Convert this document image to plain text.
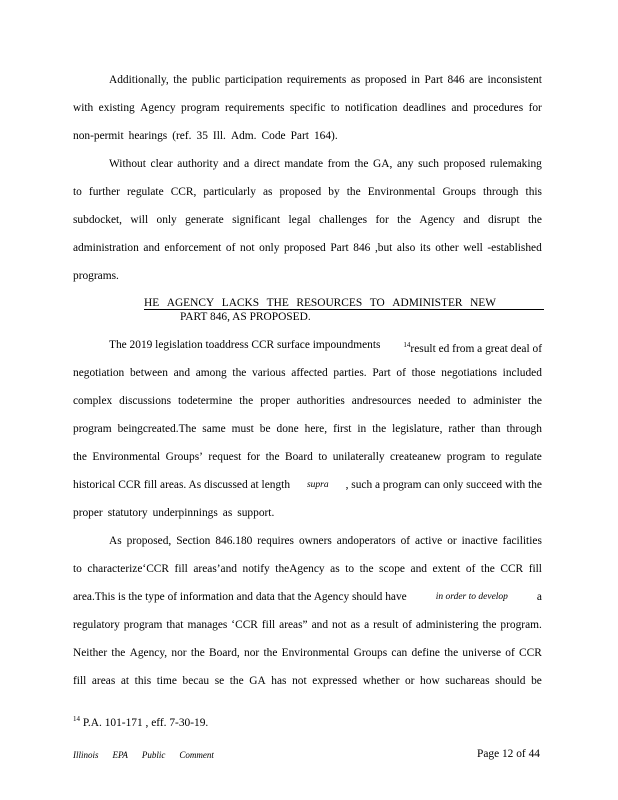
Additionally, the public participation requirements as proposed in Part 846 are inconsistent
with existing Agency program requirements specific to notification deadlines and procedures for
non-permit hearings (ref. 35 Ill. Adm. Code Part 164).
Without clear authority and a direct mandate from the GA, any such proposed rulemaking
to further regulate CCR, particularly as proposed by the Environmental Groups through this
subdocket, will only generate significant legal challenges for the Agency and disrupt the
administration and enforcement of not only proposed Part 846 ,but also its other well -established
programs.
HE AGENCY LACKS THE RESOURCES TO ADMINISTER NEW
PART 846, AS PROPOSED.
The 2019 legislation toaddress CCR surface impoundments	$^{14}$result ed from a great deal of
negotiation between and among the various affected parties. Part of those negotiations included
complex discussions todetermine the proper authorities andresources needed to administer the
program beingcreated.The same must be done here, first in the legislature, rather than through
the Environmental Groups’ request for the Board to unilaterally createanew program to regulate
historical CCR fill areas. As discussed at length supra , such a program can only succeed with the
proper statutory underpinnings as support.
As proposed, Section 846.180 requires owners andoperators of active or inactive facilities
to characterize‘CCR fill areas’and notify theAgency as to the scope and extent of the CCR fill
area.This is the type of information and data that the Agency should have	in order to develop	a
regulatory program that manages ‘CCR fill areas” and not as a result of administering the program.
Neither the Agency, nor the Board, nor the Environmental Groups can define the universe of CCR
fill areas at this time becau se the GA has not expressed whether or how suchareas should be
$^{14}$ P.A. 101-171 , eff. 7-30-19.
Illinois EPA Public Comment	Page 12 of 44
